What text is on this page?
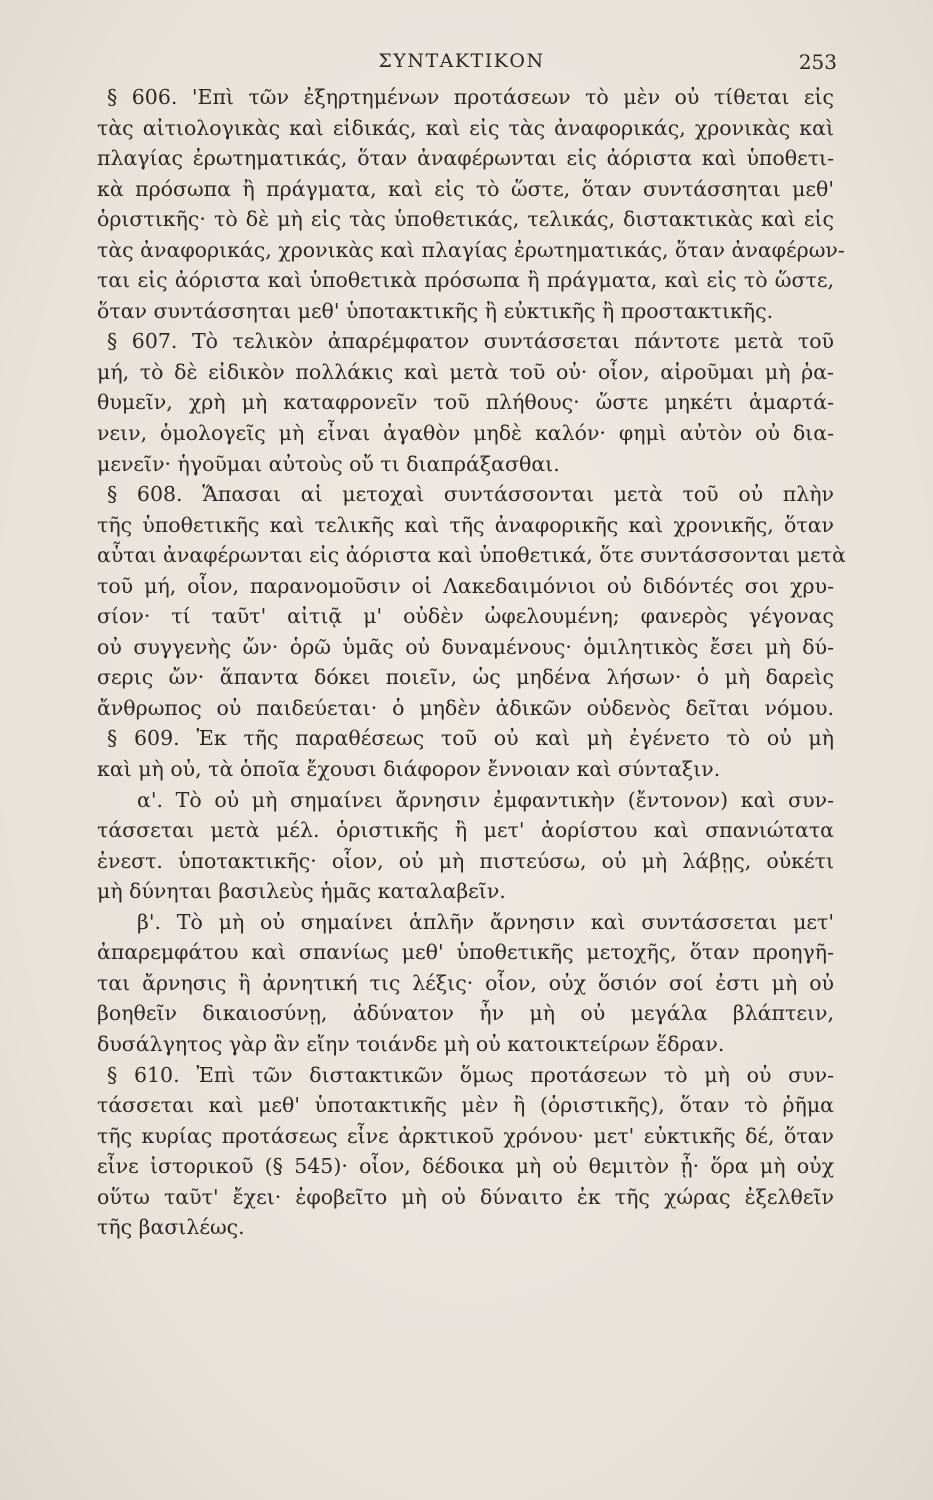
ΣΥΝΤΑΚΤΙΚΟΝ	253
§ 606. 'Επὶ τῶν ἐξηρτημένων προτάσεων τὸ μὲν οὐ τίθεται εἰς
τὰς αἰτιολογικὰς καὶ εἰδικάς, καὶ εἰς τὰς ἀναφορικάς, χρονικὰς καὶ
πλαγίας ἐρωτηματικάς, ὅταν ἀναφέρωνται εἰς ἀόριστα καὶ ὑποθετι-
κὰ πρόσωπα ἢ πράγματα, καὶ εἰς τὸ ὥστε, ὅταν συντάσσηται μεθ'
ὁριστικῆς· τὸ δὲ μὴ εἰς τὰς ὑποθετικάς, τελικάς, διστακτικὰς καὶ εἰς
τὰς ἀναφορικάς, χρονικὰς καὶ πλαγίας ἐρωτηματικάς, ὅταν ἀναφέρων-
ται εἰς ἀόριστα καὶ ὑποθετικὰ πρόσωπα ἢ πράγματα, καὶ εἰς τὸ ὥστε,
ὅταν συντάσσηται μεθ' ὑποτακτικῆς ἢ εὐκτικῆς ἢ προστακτικῆς.
§ 607. Τὸ τελικὸν ἀπαρέμφατον συντάσσεται πάντοτε μετὰ τοῦ
μή, τὸ δὲ εἰδικὸν πολλάκις καὶ μετὰ τοῦ οὐ· οἷον, αἱροῦμαι μὴ ῥα-
θυμεῖν, χρὴ μὴ καταφρονεῖν τοῦ πλήθους· ὥστε μηκέτι ἁμαρτά-
νειν, ὁμολογεῖς μὴ εἶναι ἀγαθὸν μηδὲ καλόν· φημὶ αὐτὸν οὐ δια-
μενεῖν· ἡγοῦμαι αὐτοὺς οὔ τι διαπράξασθαι.
§ 608. Ἅπασαι αἱ μετοχαὶ συντάσσονται μετὰ τοῦ οὐ πλὴν
τῆς ὑποθετικῆς καὶ τελικῆς καὶ τῆς ἀναφορικῆς καὶ χρονικῆς, ὅταν
αὗται ἀναφέρωνται εἰς ἀόριστα καὶ ὑποθετικά, ὅτε συντάσσονται μετὰ
τοῦ μή, οἷον, παρανομοῦσιν οἱ Λακεδαιμόνιοι οὐ διδόντές σοι χρυ-
σίον· τί ταῦτ' αἰτιᾷ μ' οὐδὲν ὠφελουμένη; φανερὸς γέγονας
οὐ συγγενὴς ὤν· ὁρῶ ὑμᾶς οὐ δυναμένους· ὁμιλητικὸς ἔσει μὴ δύ-
σερις ὤν· ἅπαντα δόκει ποιεῖν, ὡς μηδένα λήσων· ὁ μὴ δαρεὶς
ἄνθρωπος οὐ παιδεύεται· ὁ μηδὲν ἀδικῶν οὐδενὸς δεῖται νόμου.
§ 609. Ἐκ τῆς παραθέσεως τοῦ οὐ καὶ μὴ ἐγένετο τὸ οὐ μὴ
καὶ μὴ οὐ, τὰ ὁποῖα ἔχουσι διάφορον ἔννοιαν καὶ σύνταξιν.
α'. Τὸ οὐ μὴ σημαίνει ἄρνησιν ἐμφαντικὴν (ἔντονον) καὶ συν-
τάσσεται μετὰ μέλ. ὁριστικῆς ἢ μετ' ἀορίστου καὶ σπανιώτατα
ἐνεστ. ὑποτακτικῆς· οἷον, οὐ μὴ πιστεύσω, οὐ μὴ λάβῃς, οὐκέτι
μὴ δύνηται βασιλεὺς ἡμᾶς καταλαβεῖν.
β'. Τὸ μὴ οὐ σημαίνει ἁπλῆν ἄρνησιν καὶ συντάσσεται μετ'
ἀπαρεμφάτου καὶ σπανίως μεθ' ὑποθετικῆς μετοχῆς, ὅταν προηγῆ-
ται ἄρνησις ἢ ἀρνητική τις λέξις· οἷον, οὐχ ὅσιόν σοί ἐστι μὴ οὐ
βοηθεῖν δικαιοσύνῃ, ἀδύνατον ἦν μὴ οὐ μεγάλα βλάπτειν,
δυσάλγητος γὰρ ἂν εἴην τοιάνδε μὴ οὐ κατοικτείρων ἕδραν.
§ 610. Ἐπὶ τῶν διστακτικῶν ὅμως προτάσεων τὸ μὴ οὐ συν-
τάσσεται καὶ μεθ' ὑποτακτικῆς μὲν ἢ (ὁριστικῆς), ὅταν τὸ ῥῆμα
τῆς κυρίας προτάσεως εἶνε ἀρκτικοῦ χρόνου· μετ' εὐκτικῆς δέ, ὅταν
εἶνε ἱστορικοῦ (§ 545)· οἷον, δέδοικα μὴ οὐ θεμιτὸν ᾖ· ὅρα μὴ οὐχ
οὕτω ταῦτ' ἔχει· ἐφοβεῖτο μὴ οὐ δύναιτο ἐκ τῆς χώρας ἐξελθεῖν
τῆς βασιλέως.
